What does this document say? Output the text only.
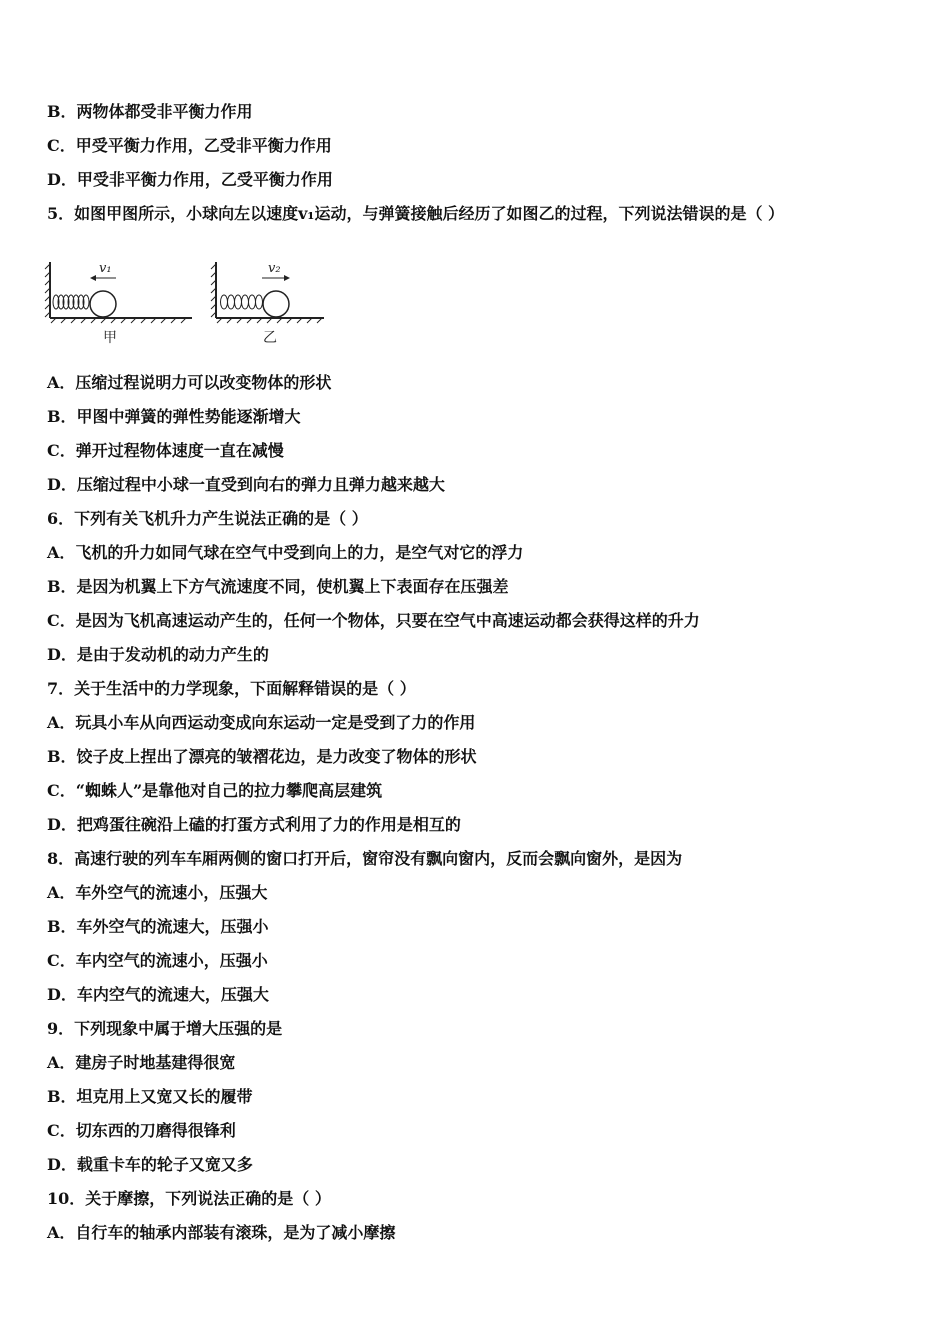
B．两物体都受非平衡力作用
C．甲受平衡力作用，乙受非平衡力作用
D．甲受非平衡力作用，乙受平衡力作用
5．如图甲图所示，小球向左以速度v₁运动，与弹簧接触后经历了如图乙的过程，下列说法错误的是（ ）
v₁
甲
v₂
乙
A．压缩过程说明力可以改变物体的形状
B．甲图中弹簧的弹性势能逐渐增大
C．弹开过程物体速度一直在减慢
D．压缩过程中小球一直受到向右的弹力且弹力越来越大
6．下列有关飞机升力产生说法正确的是（ ）
A．飞机的升力如同气球在空气中受到向上的力，是空气对它的浮力
B．是因为机翼上下方气流速度不同，使机翼上下表面存在压强差
C．是因为飞机高速运动产生的，任何一个物体，只要在空气中高速运动都会获得这样的升力
D．是由于发动机的动力产生的
7．关于生活中的力学现象，下面解释错误的是（ ）
A．玩具小车从向西运动变成向东运动一定是受到了力的作用
B．饺子皮上捏出了漂亮的皱褶花边，是力改变了物体的形状
C．“蜘蛛人”是靠他对自己的拉力攀爬高层建筑
D．把鸡蛋往碗沿上磕的打蛋方式利用了力的作用是相互的
8．高速行驶的列车车厢两侧的窗口打开后，窗帘没有飘向窗内，反而会飘向窗外，是因为
A．车外空气的流速小，压强大
B．车外空气的流速大，压强小
C．车内空气的流速小，压强小
D．车内空气的流速大，压强大
9．下列现象中属于增大压强的是
A．建房子时地基建得很宽
B．坦克用上又宽又长的履带
C．切东西的刀磨得很锋利
D．载重卡车的轮子又宽又多
10．关于摩擦，下列说法正确的是（ ）
A．自行车的轴承内部装有滚珠，是为了减小摩擦
